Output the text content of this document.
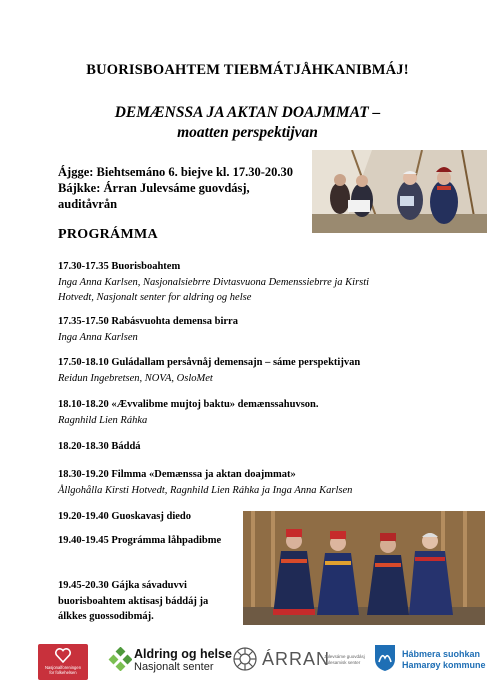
BUORISBOAHTEM TIEBMÁTJÅHKANIBMÁJ!
DEMÆNSSA JA AKTAN DOAJMMAT –
moatten perspektijvan
Ájgge: Biehtsemáno 6. biejve kl. 17.30-20.30
Bájkke: Árran Julevsáme guovdásj,
auditåvrån
PROGRÁMMA
17.30-17.35 Buorisboahtem
Inga Anna Karlsen, Nasjonalsiebrre Divtasvuona Demenssiebrre ja Kirsti
Hotvedt, Nasjonalt senter for aldring og helse
17.35-17.50 Rabásvuohta demensa birra
Inga Anna Karlsen
17.50-18.10 Guládallam persåvnåj demensajn – sáme perspektijvan
Reidun Ingebretsen, NOVA, OsloMet
18.10-18.20 «Ævvalibme mujtoj baktu» demænssahuvson.
Ragnhild Lien Ráhka
18.20-18.30 Báddá
18.30-19.20 Filmma «Demænssa ja aktan doajmmat»
Ållgohålla Kirsti Hotvedt, Ragnhild Lien Ráhka ja Inga Anna Karlsen
19.20-19.40 Guoskavasj diedo
19.40-19.45 Prográmma låhpadibme
19.45-20.30 Gájka sávaduvvi
buorisboahtem aktisasj báddáj ja
álkkes guossodibmáj.
Nasjonalforeningen
for folkehelsen
Aldring og helse
Nasjonalt senter	ÁRRAN
Julevsáme guovdásj
Lulesamisk senter
Hábmera suohkan
Hamarøy kommune
